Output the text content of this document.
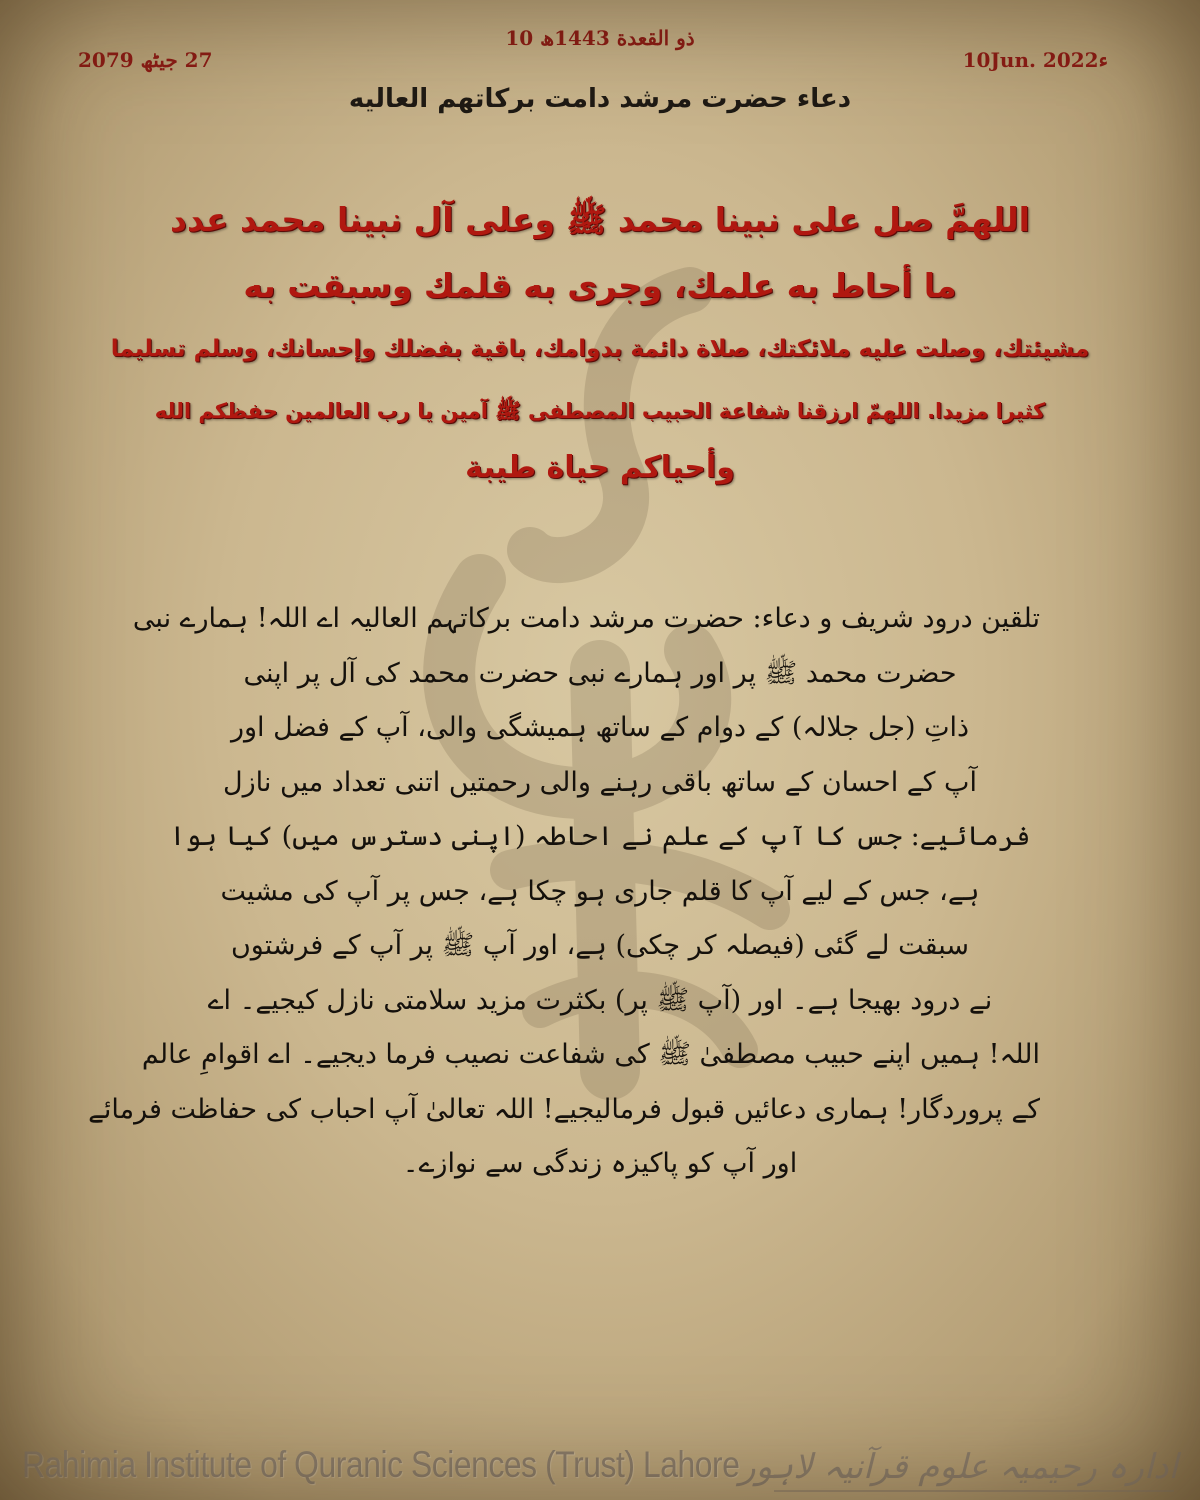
10 ذو القعدة 1443ھ
27 جیٹھ 2079	10Jun. 2022ء
دعاء حضرت مرشد دامت برکاتهم العالیه
اللهمَّ صل على نبينا محمد ﷺ وعلى آل نبينا محمد عدد
ما أحاط به علمك، وجرى به قلمك وسبقت به
مشيئتك، وصلت عليه ملائكتك، صلاة دائمة بدوامك، باقية بفضلك وإحسانك، وسلم تسليما
كثيرا مزيدا. اللهمّ ارزقنا شفاعة الحبيب المصطفى ﷺ آمين يا رب العالمين حفظكم الله
وأحياكم حياة طيبة
تلقین درود شریف و دعاء: حضرت مرشد دامت برکاتہم العالیہ اے اللہ! ہمارے نبی
حضرت محمد ﷺ پر اور ہمارے نبی حضرت محمد کی آل پر اپنی
ذاتِ (جل جلالہ) کے دوام کے ساتھ ہمیشگی والی، آپ کے فضل اور
آپ کے احسان کے ساتھ باقی رہنے والی رحمتیں اتنی تعداد میں نازل
فرمائیے: جس کا آپ کے علم نے احاطہ (اپنی دسترس میں) کیا ہوا
ہے، جس کے لیے آپ کا قلم جاری ہو چکا ہے، جس پر آپ کی مشیت
سبقت لے گئی (فیصلہ کر چکی) ہے، اور آپ ﷺ پر آپ کے فرشتوں
نے درود بھیجا ہے۔ اور (آپ ﷺ پر) بکثرت مزید سلامتی نازل کیجیے۔ اے
اللہ! ہمیں اپنے حبیب مصطفیٰ ﷺ کی شفاعت نصیب فرما دیجیے۔ اے اقوامِ عالم
کے پروردگار! ہماری دعائیں قبول فرمالیجیے! اللہ تعالیٰ آپ احباب کی حفاظت فرمائے
اور آپ کو پاکیزہ زندگی سے نوازے۔
Rahimia Institute of Quranic Sciences (Trust) Lahore ادارہ رحیمیہ علوم قرآنیہ لاہور
